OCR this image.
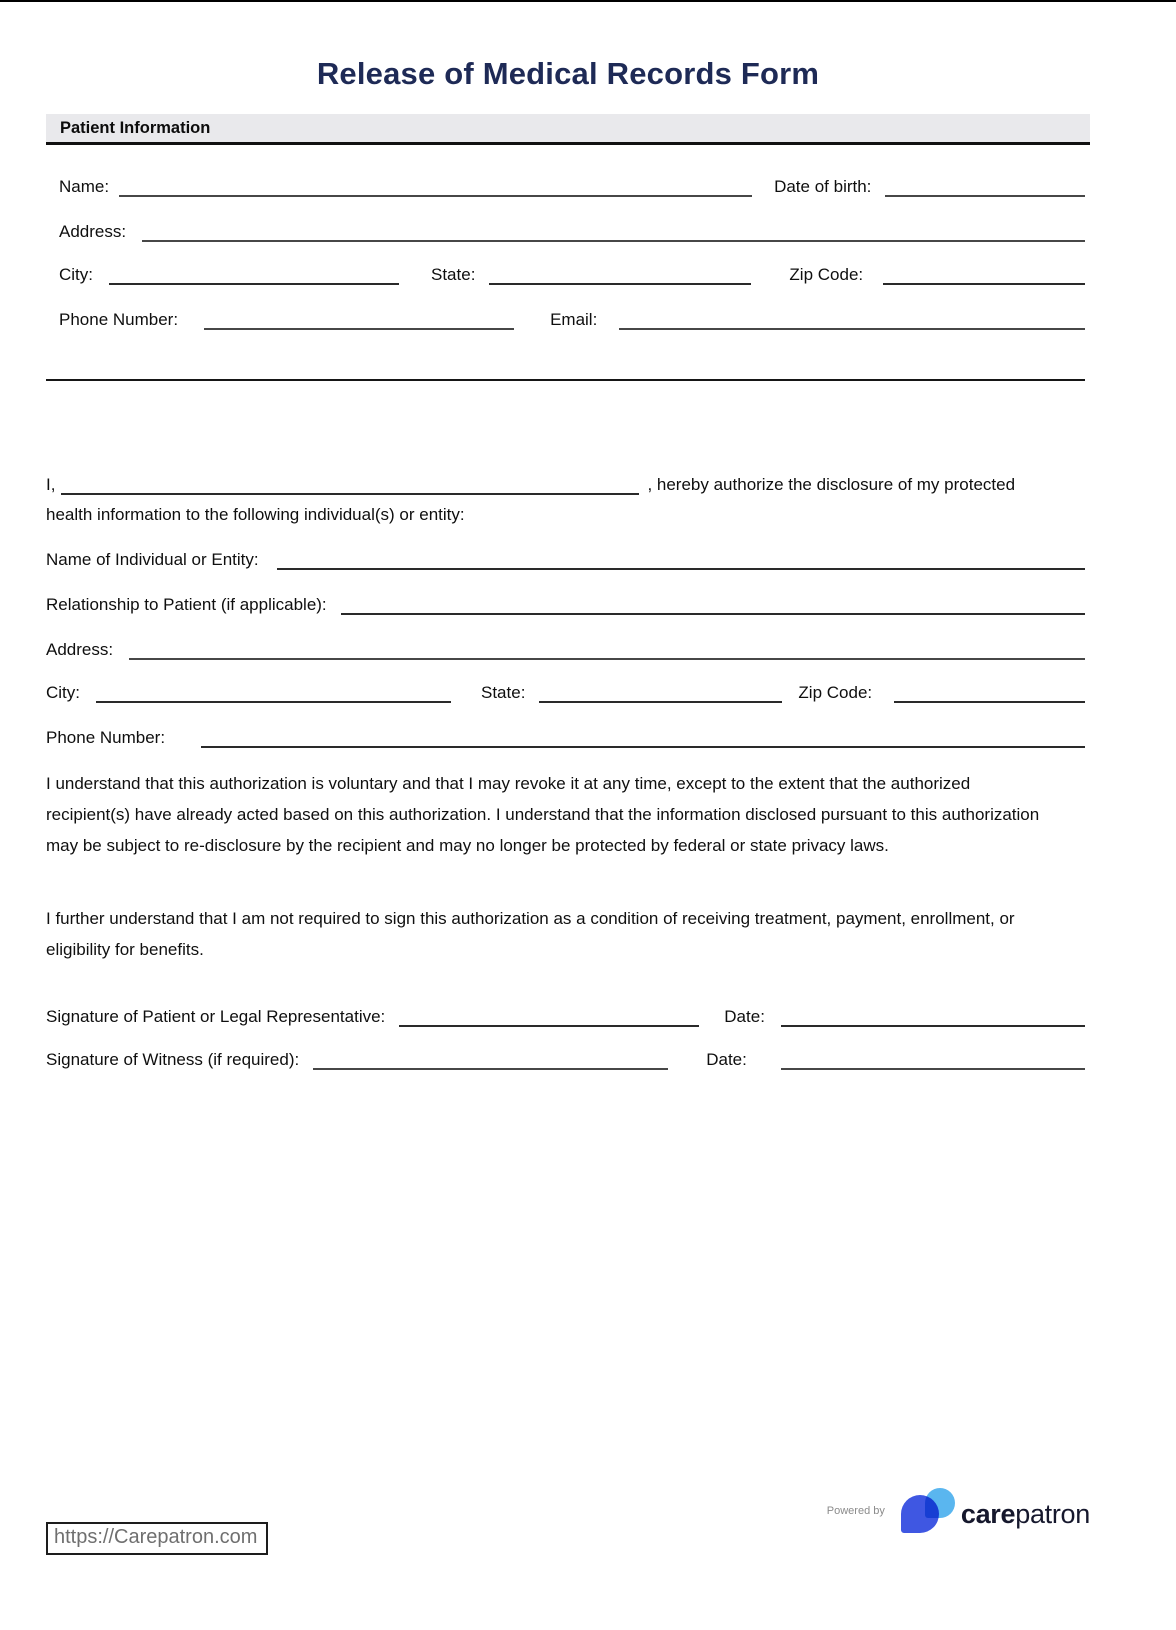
Release of Medical Records Form
Patient Information
Name:	Date of birth:
Address:
City:	State:	Zip Code:
Phone Number:	Email:
I,	, hereby authorize the disclosure of my protected
health information to the following individual(s) or entity:
Name of Individual or Entity:
Relationship to Patient (if applicable):
Address:
City:	State:	Zip Code:
Phone Number:
I understand that this authorization is voluntary and that I may revoke it at any time, except to the extent that the authorized recipient(s) have already acted based on this authorization. I understand that the information disclosed pursuant to this authorization may be subject to re-disclosure by the recipient and may no longer be protected by federal or state privacy laws.
I further understand that I am not required to sign this authorization as a condition of receiving treatment, payment, enrollment, or eligibility for benefits.
Signature of Patient or Legal Representative:	Date:
Signature of Witness (if required):	Date:
https://Carepatron.com
Powered by	carepatron
